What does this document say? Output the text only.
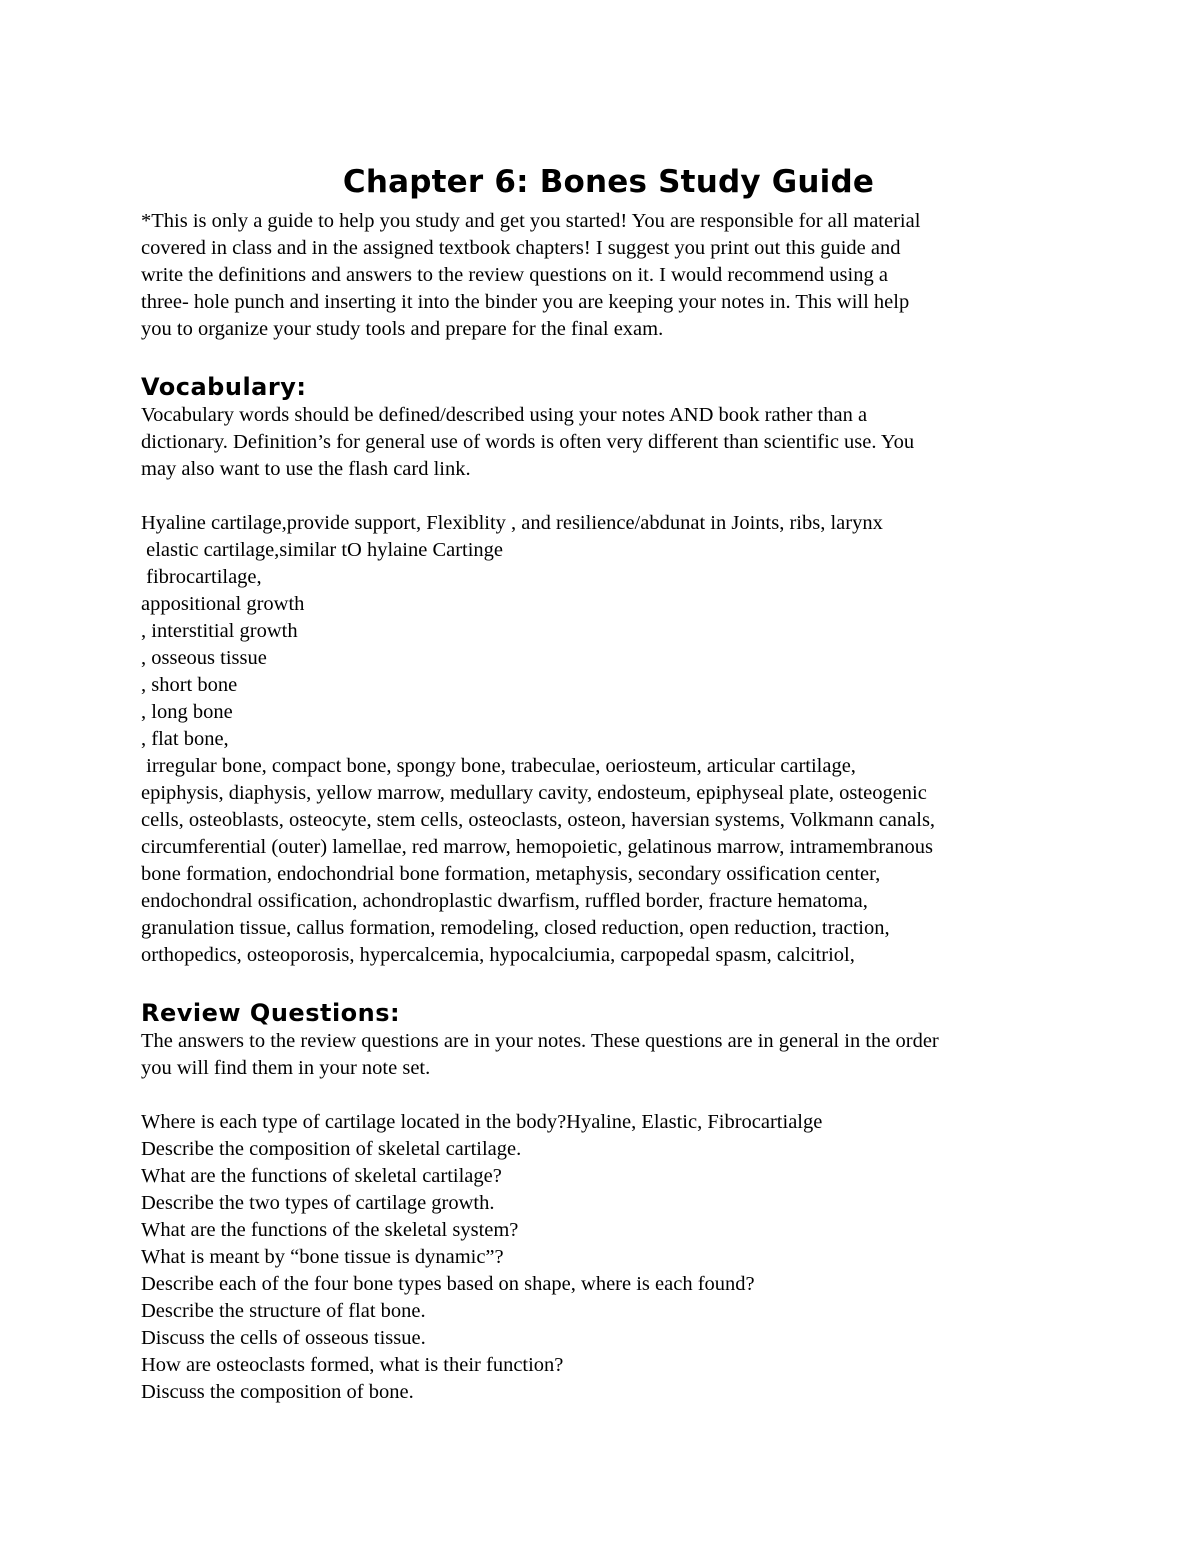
Chapter 6: Bones Study Guide
*This is only a guide to help you study and get you started! You are responsible for all material
covered in class and in the assigned textbook chapters! I suggest you print out this guide and
write the definitions and answers to the review questions on it. I would recommend using a
three- hole punch and inserting it into the binder you are keeping your notes in. This will help
you to organize your study tools and prepare for the final exam.
Vocabulary:
Vocabulary words should be defined/described using your notes AND book rather than a
dictionary. Definition’s for general use of words is often very different than scientific use. You
may also want to use the flash card link.
Hyaline cartilage,provide support, Flexiblity , and resilience/abdunat in Joints, ribs, larynx
elastic cartilage,similar tO hylaine Cartinge
fibrocartilage,
appositional growth
, interstitial growth
, osseous tissue
, short bone
, long bone
, flat bone,
irregular bone, compact bone, spongy bone, trabeculae, oeriosteum, articular cartilage,
epiphysis, diaphysis, yellow marrow, medullary cavity, endosteum, epiphyseal plate, osteogenic
cells, osteoblasts, osteocyte, stem cells, osteoclasts, osteon, haversian systems, Volkmann canals,
circumferential (outer) lamellae, red marrow, hemopoietic, gelatinous marrow, intramembranous
bone formation, endochondrial bone formation, metaphysis, secondary ossification center,
endochondral ossification, achondroplastic dwarfism, ruffled border, fracture hematoma,
granulation tissue, callus formation, remodeling, closed reduction, open reduction, traction,
orthopedics, osteoporosis, hypercalcemia, hypocalciumia, carpopedal spasm, calcitriol,
Review Questions:
The answers to the review questions are in your notes. These questions are in general in the order
you will find them in your note set.
Where is each type of cartilage located in the body?Hyaline, Elastic, Fibrocartialge
Describe the composition of skeletal cartilage.
What are the functions of skeletal cartilage?
Describe the two types of cartilage growth.
What are the functions of the skeletal system?
What is meant by “bone tissue is dynamic”?
Describe each of the four bone types based on shape, where is each found?
Describe the structure of flat bone.
Discuss the cells of osseous tissue.
How are osteoclasts formed, what is their function?
Discuss the composition of bone.
